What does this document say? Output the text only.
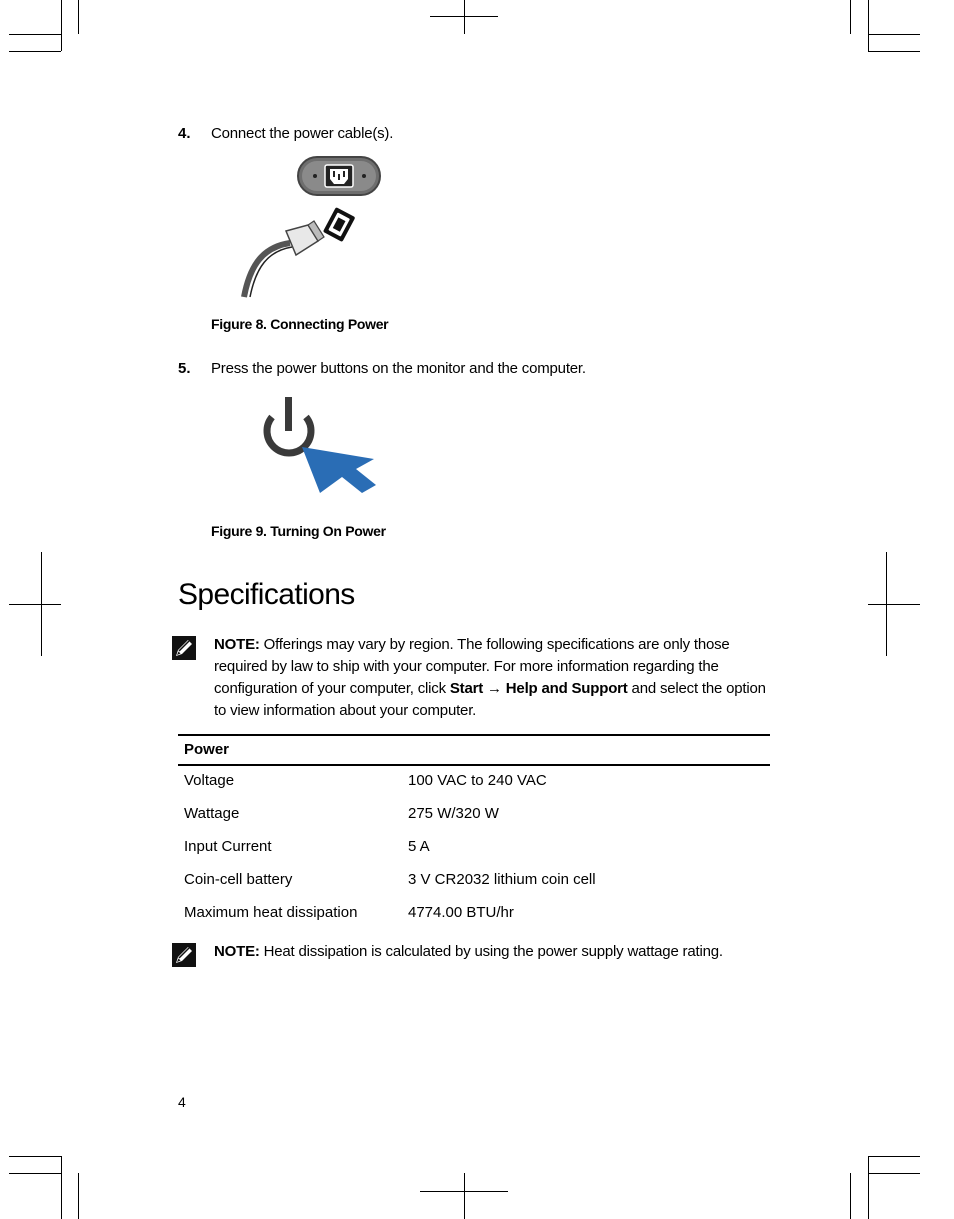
4. Connect the power cable(s).
Figure 8. Connecting Power
5. Press the power buttons on the monitor and the computer.
Figure 9. Turning On Power
Specifications
NOTE: Offerings may vary by region. The following specifications are only those required by law to ship with your computer. For more information regarding the configuration of your computer, click Start → Help and Support and select the option to view information about your computer.
Power
Voltage	100 VAC to 240 VAC
Wattage	275 W/320 W
Input Current	5 A
Coin-cell battery	3 V CR2032 lithium coin cell
Maximum heat dissipation	4774.00 BTU/hr
NOTE: Heat dissipation is calculated by using the power supply wattage rating.
4
